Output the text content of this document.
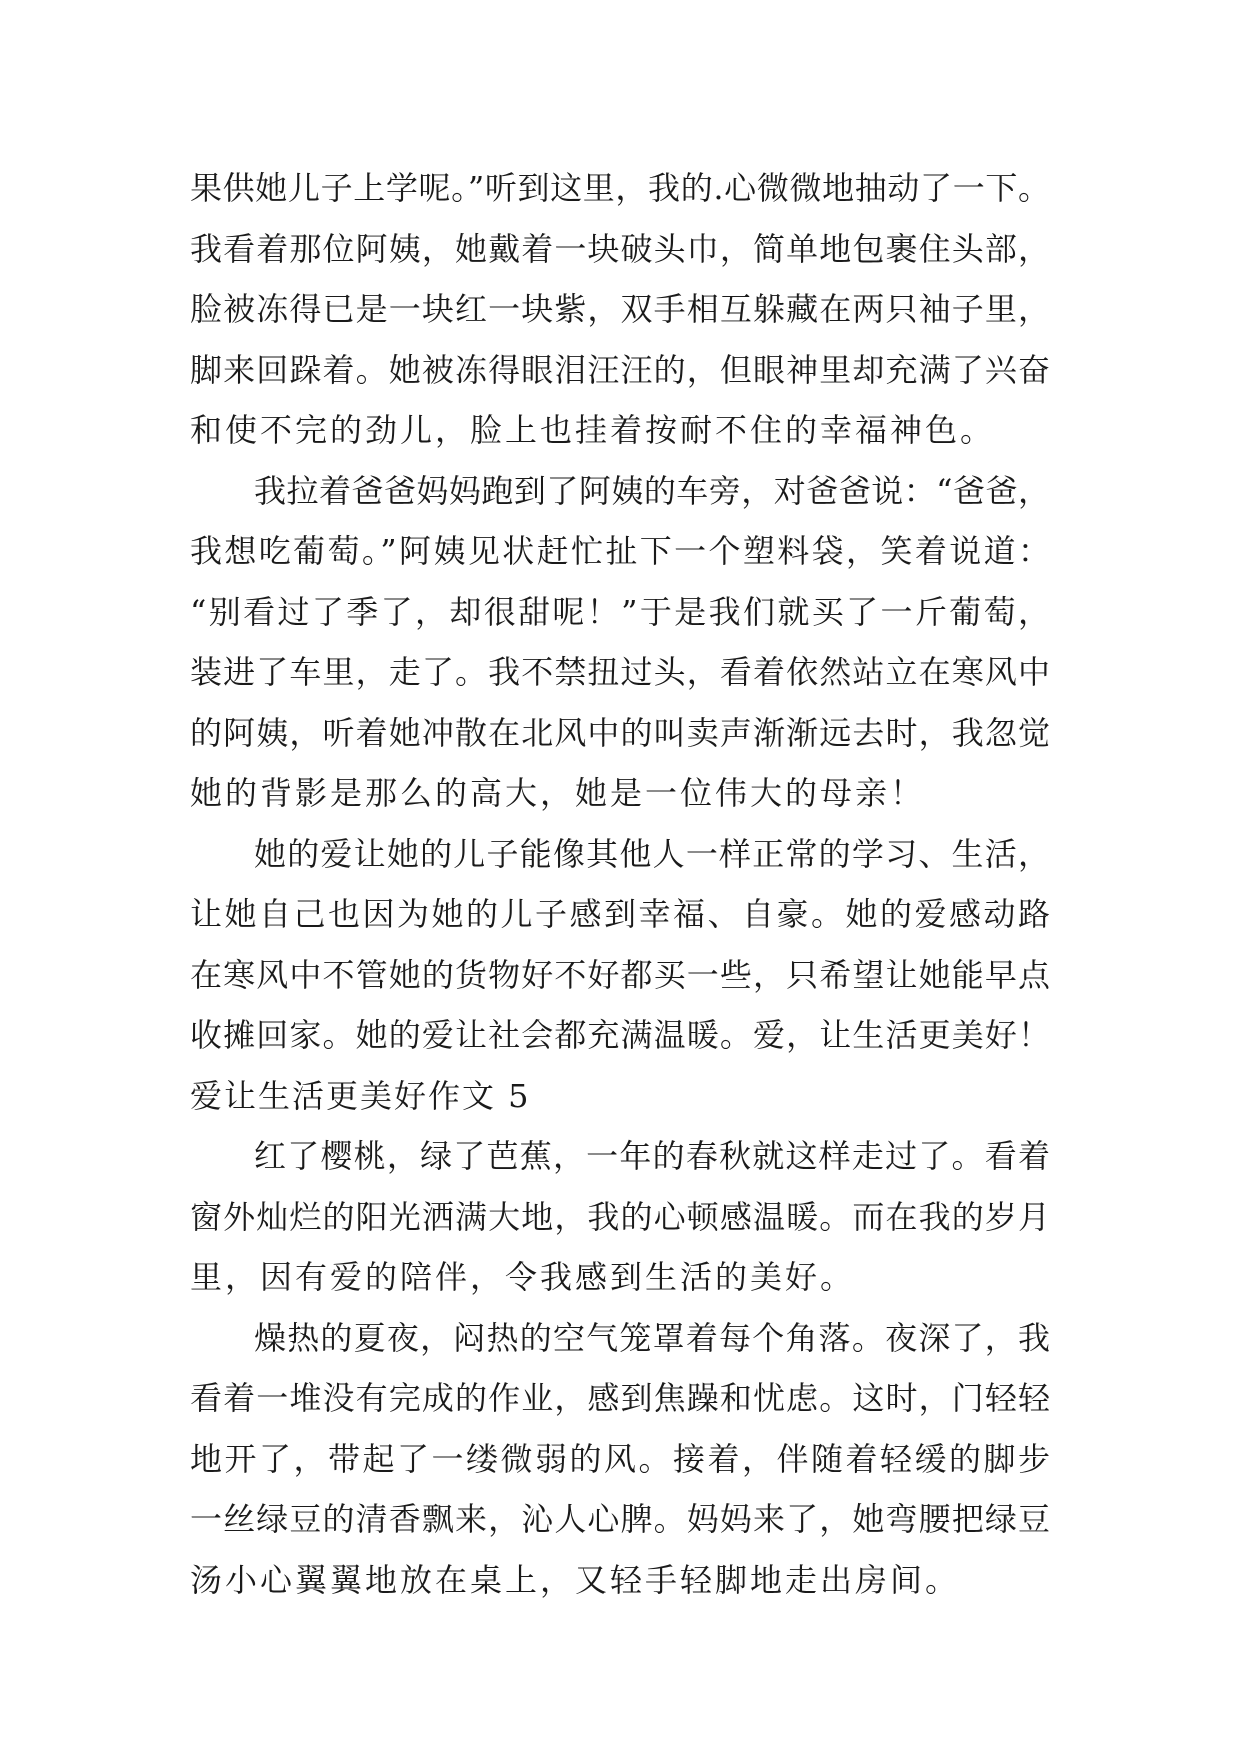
果供她儿子上学呢。”听到这里，我的.心微微地抽动了一下。
我看着那位阿姨，她戴着一块破头巾，简单地包裹住头部，
脸被冻得已是一块红一块紫，双手相互躲藏在两只袖子里，
脚来回跺着。她被冻得眼泪汪汪的，但眼神里却充满了兴奋
和使不完的劲儿，脸上也挂着按耐不住的幸福神色。
我拉着爸爸妈妈跑到了阿姨的车旁，对爸爸说：“爸爸，
我想吃葡萄。”阿姨见状赶忙扯下一个塑料袋，笑着说道：
“别看过了季了，却很甜呢！”于是我们就买了一斤葡萄，
装进了车里，走了。我不禁扭过头，看着依然站立在寒风中
的阿姨，听着她冲散在北风中的叫卖声渐渐远去时，我忽觉
她的背影是那么的高大，她是一位伟大的母亲！
她的爱让她的儿子能像其他人一样正常的学习、生活，
让她自己也因为她的儿子感到幸福、自豪。她的爱感动路
在寒风中不管她的货物好不好都买一些，只希望让她能早点
收摊回家。她的爱让社会都充满温暖。爱，让生活更美好！
爱让生活更美好作文 5
红了樱桃，绿了芭蕉，一年的春秋就这样走过了。看着
窗外灿烂的阳光洒满大地，我的心顿感温暖。而在我的岁月
里，因有爱的陪伴，令我感到生活的美好。
燥热的夏夜，闷热的空气笼罩着每个角落。夜深了，我
看着一堆没有完成的作业，感到焦躁和忧虑。这时，门轻轻
地开了，带起了一缕微弱的风。接着，伴随着轻缓的脚步
一丝绿豆的清香飘来，沁人心脾。妈妈来了，她弯腰把绿豆
汤小心翼翼地放在桌上，又轻手轻脚地走出房间。
